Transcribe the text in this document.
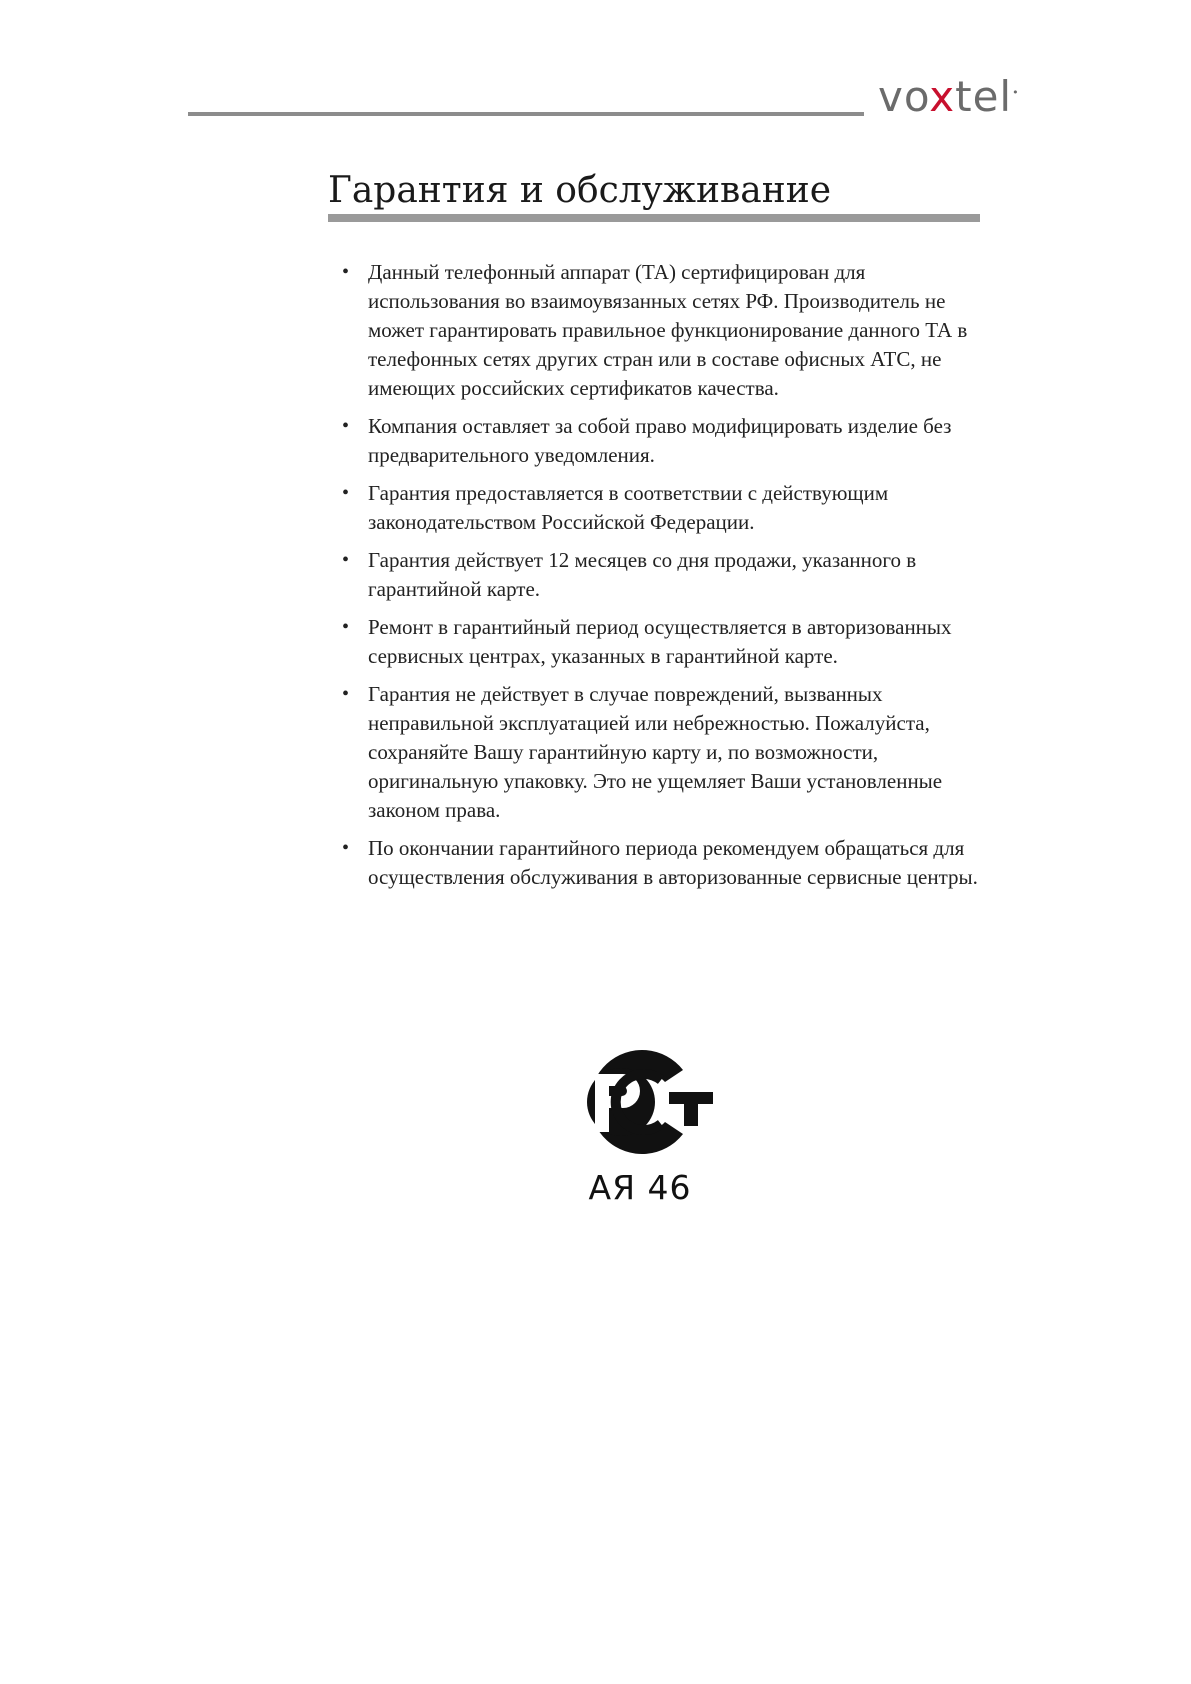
voxtel•
Гарантия и обслуживание
• Данный телефонный аппарат (ТА) сертифицирован для использования во взаимоувязанных сетях РФ. Производитель не может гарантировать правильное функционирование данного ТА в телефонных сетях других стран или в составе офисных АТС, не имеющих российских сертификатов качества.
• Компания оставляет за собой право модифицировать изделие без предварительного уведомления.
• Гарантия предоставляется в соответствии с действующим законодательством Российской Федерации.
• Гарантия действует 12 месяцев со дня продажи, указанного в гарантийной карте.
• Ремонт в гарантийный период осуществляется в авторизованных сервисных центрах, указанных в гарантийной карте.
• Гарантия не действует в случае повреждений, вызванных неправильной эксплуатацией или небрежностью. Пожалуйста, сохраняйте Вашу гарантийную карту и, по возможности, оригинальную упаковку. Это не ущемляет Ваши установленные законом права.
• По окончании гарантийного периода рекомендуем обращаться для осуществления обслуживания в авторизованные сервисные центры.
АЯ 46
